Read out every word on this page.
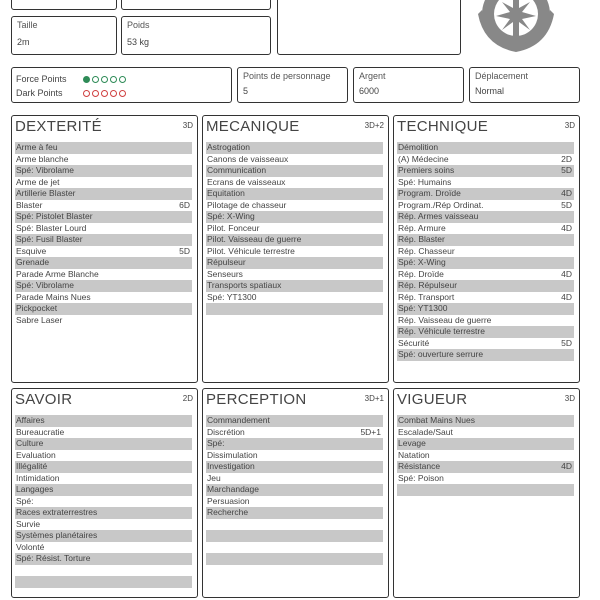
Taille
2m
Poids
53 kg
Force Points
Dark Points
Points de personnage
5
Argent
6000
Déplacement
Normal
DEXTERITÉ	3D
Arme à feu
Arme blanche
Spé: Vibrolame
Arme de jet
Artillerie Blaster
Blaster	6D
Spé: Pistolet Blaster
Spé: Blaster Lourd
Spé: Fusil Blaster
Esquive	5D
Grenade
Parade Arme Blanche
Spé: Vibrolame
Parade Mains Nues
Pickpocket
Sabre Laser
MECANIQUE	3D+2
Astrogation
Canons de vaisseaux
Communication
Ecrans de vaisseaux
Equitation
Pilotage de chasseur
Spé: X-Wing
Pilot. Fonceur
Pilot. Vaisseau de guerre
Pilot. Véhicule terrestre
Répulseur
Senseurs
Transports spatiaux
Spé: YT1300
TECHNIQUE	3D
Démolition
(A) Médecine	2D
Premiers soins	5D
Spé: Humains
Program. Droïde	4D
Program./Rép Ordinat.	5D
Rép. Armes vaisseau
Rép. Armure	4D
Rép. Blaster
Rép. Chasseur
Spé: X-Wing
Rép. Droïde	4D
Rép. Répulseur
Rép. Transport	4D
Spé: YT1300
Rép. Vaisseau de guerre
Rép. Véhicule terrestre
Sécurité	5D
Spé: ouverture serrure
SAVOIR	2D
Affaires
Bureaucratie
Culture
Evaluation
Illégalité
Intimidation
Langages
Spé:
Races extraterrestres
Survie
Systèmes planétaires
Volonté
Spé: Résist. Torture
PERCEPTION	3D+1
Commandement
Discrétion	5D+1
Spé:
Dissimulation
Investigation
Jeu
Marchandage
Persuasion
Recherche
VIGUEUR	3D
Combat Mains Nues
Escalade/Saut
Levage
Natation
Résistance	4D
Spé: Poison
